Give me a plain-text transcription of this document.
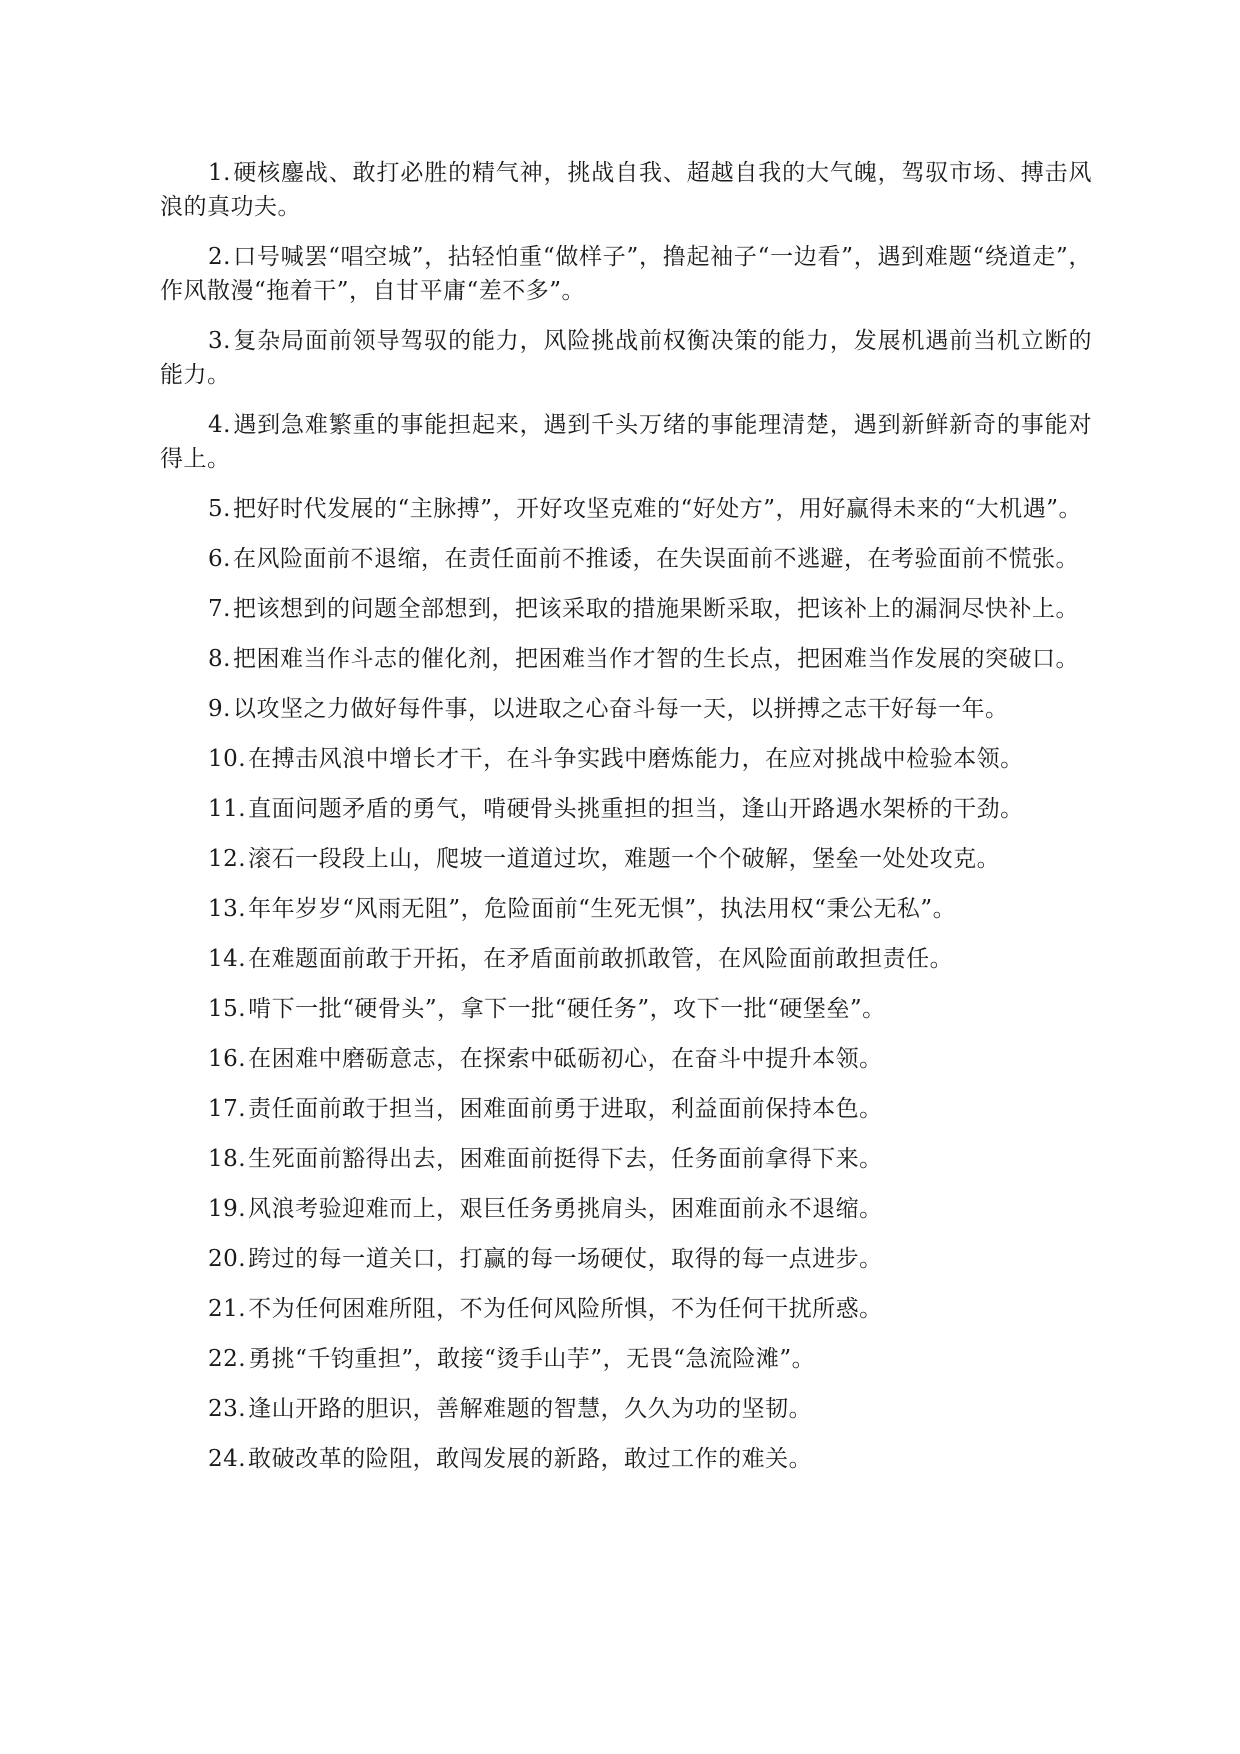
1.硬核鏖战、敢打必胜的精气神，挑战自我、超越自我的大气魄，驾驭市场、搏击风浪的真功夫。

2.口号喊罢“唱空城”，拈轻怕重“做样子”，撸起袖子“一边看”，遇到难题“绕道走”，作风散漫“拖着干”，自甘平庸“差不多”。

3.复杂局面前领导驾驭的能力，风险挑战前权衡决策的能力，发展机遇前当机立断的能力。

4.遇到急难繁重的事能担起来，遇到千头万绪的事能理清楚，遇到新鲜新奇的事能对得上。

5.把好时代发展的“主脉搏”，开好攻坚克难的“好处方”，用好赢得未来的“大机遇”。

6.在风险面前不退缩，在责任面前不推诿，在失误面前不逃避，在考验面前不慌张。

7.把该想到的问题全部想到，把该采取的措施果断采取，把该补上的漏洞尽快补上。

8.把困难当作斗志的催化剂，把困难当作才智的生长点，把困难当作发展的突破口。

9.以攻坚之力做好每件事，以进取之心奋斗每一天，以拼搏之志干好每一年。

10.在搏击风浪中增长才干，在斗争实践中磨炼能力，在应对挑战中检验本领。

11.直面问题矛盾的勇气，啃硬骨头挑重担的担当，逢山开路遇水架桥的干劲。

12.滚石一段段上山，爬坡一道道过坎，难题一个个破解，堡垒一处处攻克。

13.年年岁岁“风雨无阻”，危险面前“生死无惧”，执法用权“秉公无私”。

14.在难题面前敢于开拓，在矛盾面前敢抓敢管，在风险面前敢担责任。

15.啃下一批“硬骨头”，拿下一批“硬任务”，攻下一批“硬堡垒”。

16.在困难中磨砺意志，在探索中砥砺初心，在奋斗中提升本领。

17.责任面前敢于担当，困难面前勇于进取，利益面前保持本色。

18.生死面前豁得出去，困难面前挺得下去，任务面前拿得下来。

19.风浪考验迎难而上，艰巨任务勇挑肩头，困难面前永不退缩。

20.跨过的每一道关口，打赢的每一场硬仗，取得的每一点进步。

21.不为任何困难所阻，不为任何风险所惧，不为任何干扰所惑。

22.勇挑“千钧重担”，敢接“烫手山芋”，无畏“急流险滩”。

23.逢山开路的胆识，善解难题的智慧，久久为功的坚韧。

24.敢破改革的险阻，敢闯发展的新路，敢过工作的难关。
